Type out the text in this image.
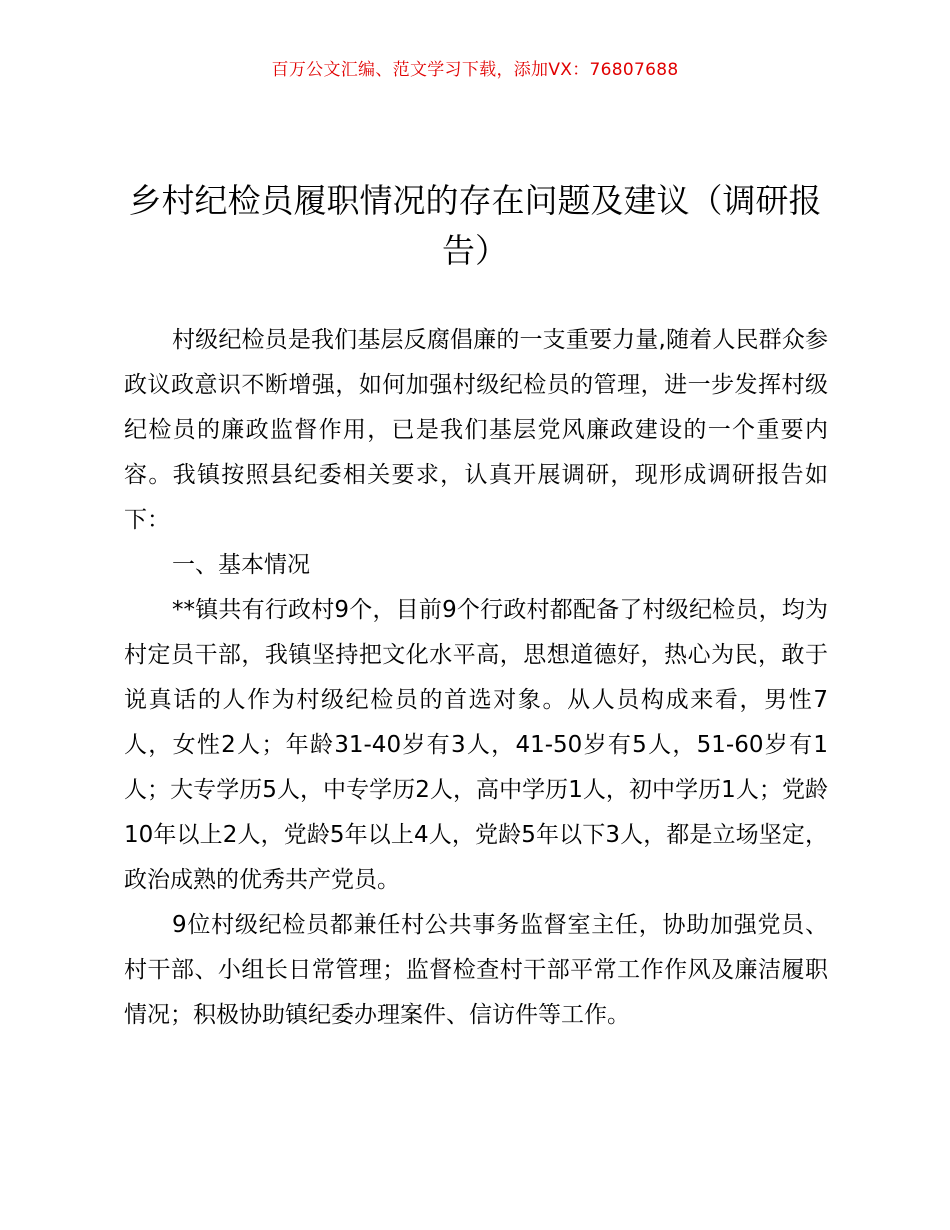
百万公文汇编、范文学习下载，添加VX：76807688
乡村纪检员履职情况的存在问题及建议（调研报告）

村级纪检员是我们基层反腐倡廉的一支重要力量,随着人民群众参政议政意识不断增强，如何加强村级纪检员的管理，进一步发挥村级纪检员的廉政监督作用，已是我们基层党风廉政建设的一个重要内容。我镇按照县纪委相关要求，认真开展调研，现形成调研报告如下：

一、基本情况

**镇共有行政村9个，目前9个行政村都配备了村级纪检员，均为村定员干部，我镇坚持把文化水平高，思想道德好，热心为民，敢于说真话的人作为村级纪检员的首选对象。从人员构成来看，男性7人，女性2人；年龄31-40岁有3人，41-50岁有5人，51-60岁有1人；大专学历5人，中专学历2人，高中学历1人，初中学历1人；党龄10年以上2人，党龄5年以上4人，党龄5年以下3人，都是立场坚定，政治成熟的优秀共产党员。

9位村级纪检员都兼任村公共事务监督室主任，协助加强党员、村干部、小组长日常管理；监督检查村干部平常工作作风及廉洁履职情况；积极协助镇纪委办理案件、信访件等工作。
